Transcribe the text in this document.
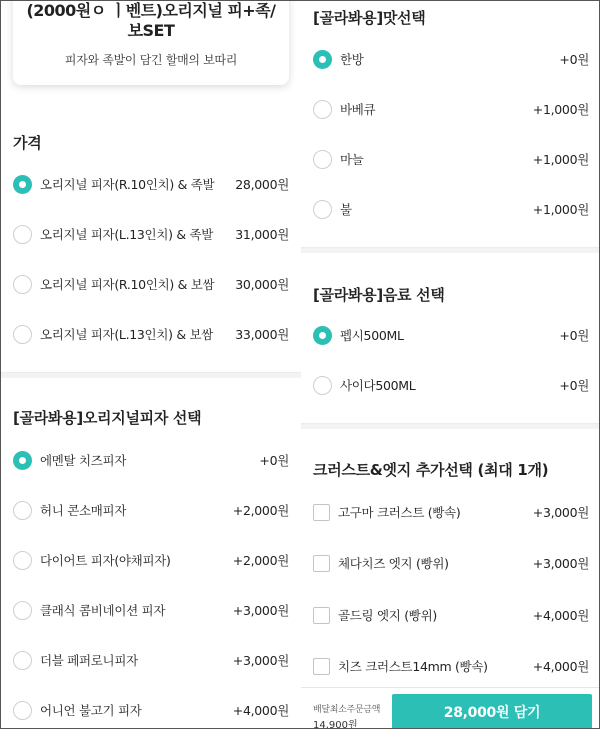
(2000원ㅇ ㅣ벤트)오리지널 피+족/
보SET
피자와 족발이 담긴 할매의 보따리
가격
오리지널 피자(R.10인치) & 족발	28,000원
오리지널 피자(L.13인치) & 족발	31,000원
오리지널 피자(R.10인치) & 보쌈	30,000원
오리지널 피자(L.13인치) & 보쌈	33,000원
[골라봐용]오리지널피자 선택
에멘탈 치즈피자	+0원
허니 콘소매피자	+2,000원
다이어트 피자(야채피자)	+2,000원
클래식 콤비네이션 피자	+3,000원
더블 페퍼로니피자	+3,000원
어니언 불고기 피자	+4,000원
[골라봐용]맛선택
한방	+0원
바베큐	+1,000원
마늘	+1,000원
불	+1,000원
[골라봐용]음료 선택
펩시500ML	+0원
사이다500ML	+0원
크러스트&엣지 추가선택 (최대 1개)
고구마 크러스트 (빵속)	+3,000원
체다치즈 엣지 (빵위)	+3,000원
골드링 엣지 (빵위)	+4,000원
치즈 크러스트14mm (빵속)	+4,000원
배달최소주문금액
14,900원
28,000원 담기
